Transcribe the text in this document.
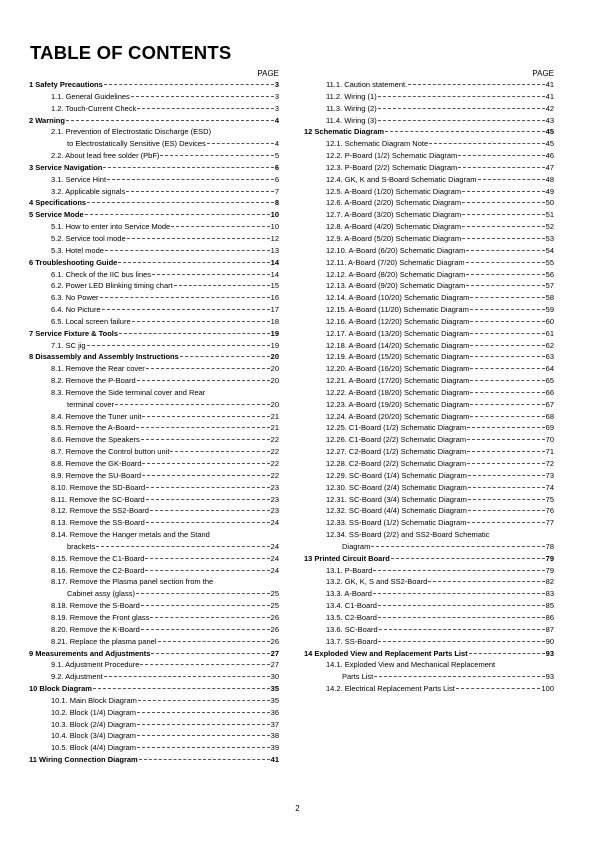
TABLE OF CONTENTS
PAGE
1 Safety Precautions	3
1.1. General Guidelines	3
1.2. Touch-Current Check	3
2 Warning	4
2.1. Prevention of Electrostatic Discharge (ESD)
to Electrostatically Sensitive (ES) Devices	4
2.2. About lead free solder (PbF)	5
3 Service Navigation	6
3.1. Service Hint	6
3.2. Applicable signals	7
4 Specifications	8
5 Service Mode	10
5.1. How to enter into Service Mode	10
5.2. Service tool mode	12
5.3. Hotel mode	13
6 Troubleshooting Guide	14
6.1. Check of the IIC bus lines	14
6.2. Power LED Blinking timing chart	15
6.3. No Power	16
6.4. No Picture	17
6.5. Local screen failure	18
7 Service Fixture & Tools	19
7.1. SC jig	19
8 Disassembly and Assembly Instructions	20
8.1. Remove the Rear cover	20
8.2. Remove the P-Board	20
8.3. Remove the Side terminal cover and Rear
terminal cover	20
8.4. Remove the Tuner unit	21
8.5. Remove the A-Board	21
8.6. Remove the Speakers	22
8.7. Remove the Control button unit	22
8.8. Remove the GK-Board	22
8.9. Remove the SU-Board	22
8.10. Remove the SD-Board	23
8.11. Remove the SC-Board	23
8.12. Remove the SS2-Board	23
8.13. Remove the SS-Board	24
8.14. Remove the Hanger metals and the Stand
brackets	24
8.15. Remove the C1-Board	24
8.16. Remove the C2-Board	24
8.17. Remove the Plasma panel section from the
Cabinet assy (glass)	25
8.18. Remove the S-Board	25
8.19. Remove the Front glass	26
8.20. Remove the K-Board	26
8.21. Replace the plasma panel	26
9 Measurements and Adjustments	27
9.1. Adjustment Procedure	27
9.2. Adjustment	30
10 Block Diagram	35
10.1. Main Block Diagram	35
10.2. Block (1/4) Diagram	36
10.3. Block (2/4) Diagram	37
10.4. Block (3/4) Diagram	38
10.5. Block (4/4) Diagram	39
11 Wiring Connection Diagram	41
PAGE
11.1. Caution statement.	41
11.2. Wiring (1)	41
11.3. Wiring (2)	42
11.4. Wiring (3)	43
12 Schematic Diagram	45
12.1. Schematic Diagram Note	45
12.2. P-Board (1/2) Schematic Diagram	46
12.3. P-Board (2/2) Schematic Diagram	47
12.4. GK, K and S-Board Schematic Diagram	48
12.5. A-Board (1/20) Schematic Diagram	49
12.6. A-Board (2/20) Schematic Diagram	50
12.7. A-Board (3/20) Schematic Diagram	51
12.8. A-Board (4/20) Schematic Diagram	52
12.9. A-Board (5/20) Schematic Diagram	53
12.10. A-Board (6/20) Schematic Diagram	54
12.11. A-Board (7/20) Schematic Diagram	55
12.12. A-Board (8/20) Schematic Diagram	56
12.13. A-Board (9/20) Schematic Diagram	57
12.14. A-Board (10/20) Schematic Diagram	58
12.15. A-Board (11/20) Schematic Diagram	59
12.16. A-Board (12/20) Schematic Diagram	60
12.17. A-Board (13/20) Schematic Diagram	61
12.18. A-Board (14/20) Schematic Diagram	62
12.19. A-Board (15/20) Schematic Diagram	63
12.20. A-Board (16/20) Schematic Diagram	64
12.21. A-Board (17/20) Schematic Diagram	65
12.22. A-Board (18/20) Schematic Diagram	66
12.23. A-Board (19/20) Schematic Diagram	67
12.24. A-Board (20/20) Schematic Diagram	68
12.25. C1-Board (1/2) Schematic Diagram	69
12.26. C1-Board (2/2) Schematic Diagram	70
12.27. C2-Board (1/2) Schematic Diagram	71
12.28. C2-Board (2/2) Schematic Diagram	72
12.29. SC-Board (1/4) Schematic Diagram	73
12.30. SC-Board (2/4) Schematic Diagram	74
12.31. SC-Board (3/4) Schematic Diagram	75
12.32. SC-Board (4/4) Schematic Diagram	76
12.33. SS-Board (1/2) Schematic Diagram	77
12.34. SS-Board (2/2) and SS2-Board Schematic
Diagram	78
13 Printed Circuit Board	79
13.1. P-Board	79
13.2. GK, K, S and SS2-Board	82
13.3. A-Board	83
13.4. C1-Board	85
13.5. C2-Board	86
13.6. SC-Board	87
13.7. SS-Board	90
14 Exploded View and Replacement Parts List	93
14.1. Exploded View and Mechanical Replacement
Parts List	93
14.2. Electrical Replacement Parts List	100
2
